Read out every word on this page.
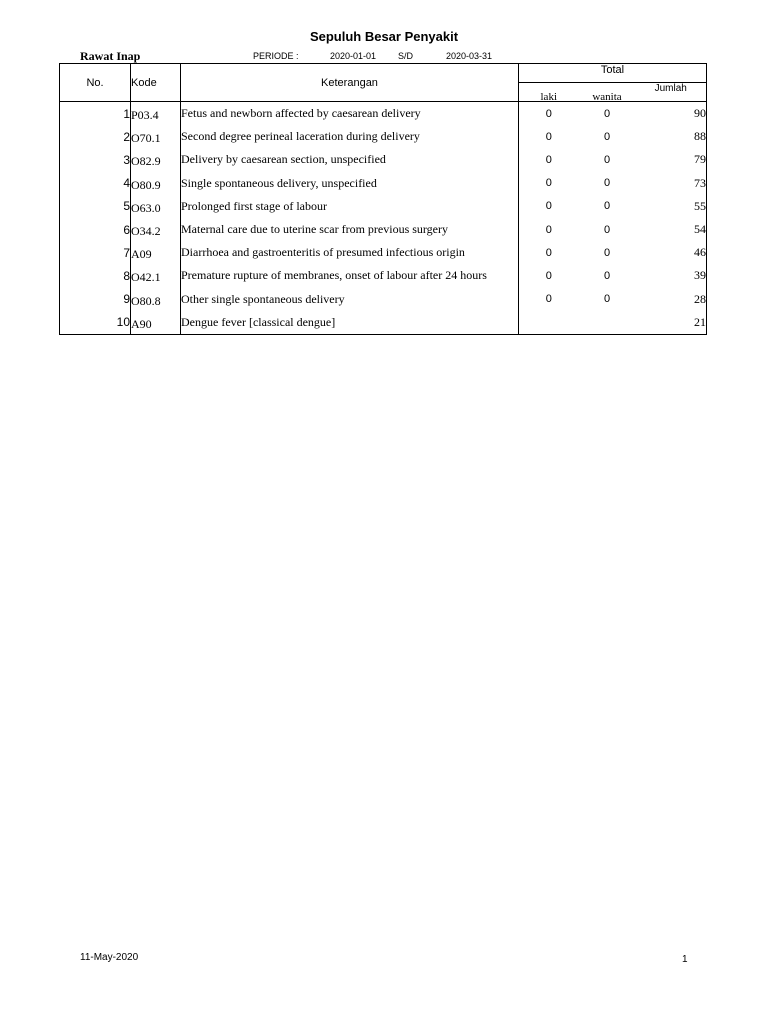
Sepuluh Besar Penyakit
Rawat Inap	PERIODE :	2020-01-01 S/D	2020-03-31
No.	Kode	Keterangan	Total		
			laki	wanita	Jumlah
1	P03.4	Fetus and newborn affected by caesarean delivery	0	0	90
2	O70.1	Second degree perineal laceration during delivery	0	0	88
3	O82.9	Delivery by caesarean section, unspecified	0	0	79
4	O80.9	Single spontaneous delivery, unspecified	0	0	73
5	O63.0	Prolonged first stage of labour	0	0	55
6	O34.2	Maternal care due to uterine scar from previous surgery	0	0	54
7	A09	Diarrhoea and gastroenteritis of presumed infectious origin	0	0	46
8	O42.1	Premature rupture of membranes, onset of labour after 24 hours	0	0	39
9	O80.8	Other single spontaneous delivery	0	0	28
10	A90	Dengue fever [classical dengue]			21
11-May-2020	1
